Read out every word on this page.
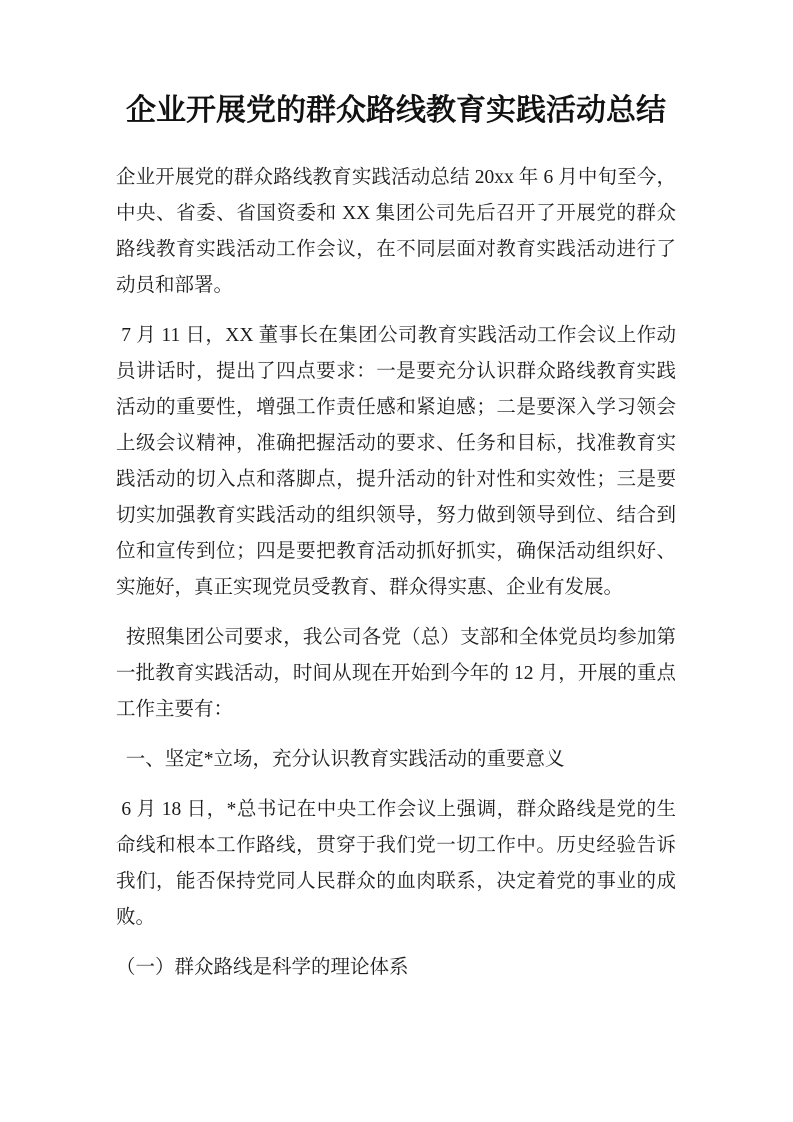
企业开展党的群众路线教育实践活动总结

企业开展党的群众路线教育实践活动总结 20xx 年 6 月中旬至今，中央、省委、省国资委和 XX 集团公司先后召开了开展党的群众路线教育实践活动工作会议，在不同层面对教育实践活动进行了动员和部署。

7 月 11 日，XX 董事长在集团公司教育实践活动工作会议上作动员讲话时，提出了四点要求：一是要充分认识群众路线教育实践活动的重要性，增强工作责任感和紧迫感；二是要深入学习领会上级会议精神，准确把握活动的要求、任务和目标，找准教育实践活动的切入点和落脚点，提升活动的针对性和实效性；三是要切实加强教育实践活动的组织领导，努力做到领导到位、结合到位和宣传到位；四是要把教育活动抓好抓实，确保活动组织好、实施好，真正实现党员受教育、群众得实惠、企业有发展。

按照集团公司要求，我公司各党（总）支部和全体党员均参加第一批教育实践活动，时间从现在开始到今年的 12 月，开展的重点工作主要有：

一、坚定*立场，充分认识教育实践活动的重要意义

6 月 18 日，*总书记在中央工作会议上强调，群众路线是党的生命线和根本工作路线，贯穿于我们党一切工作中。历史经验告诉我们，能否保持党同人民群众的血肉联系，决定着党的事业的成败。

（一）群众路线是科学的理论体系
